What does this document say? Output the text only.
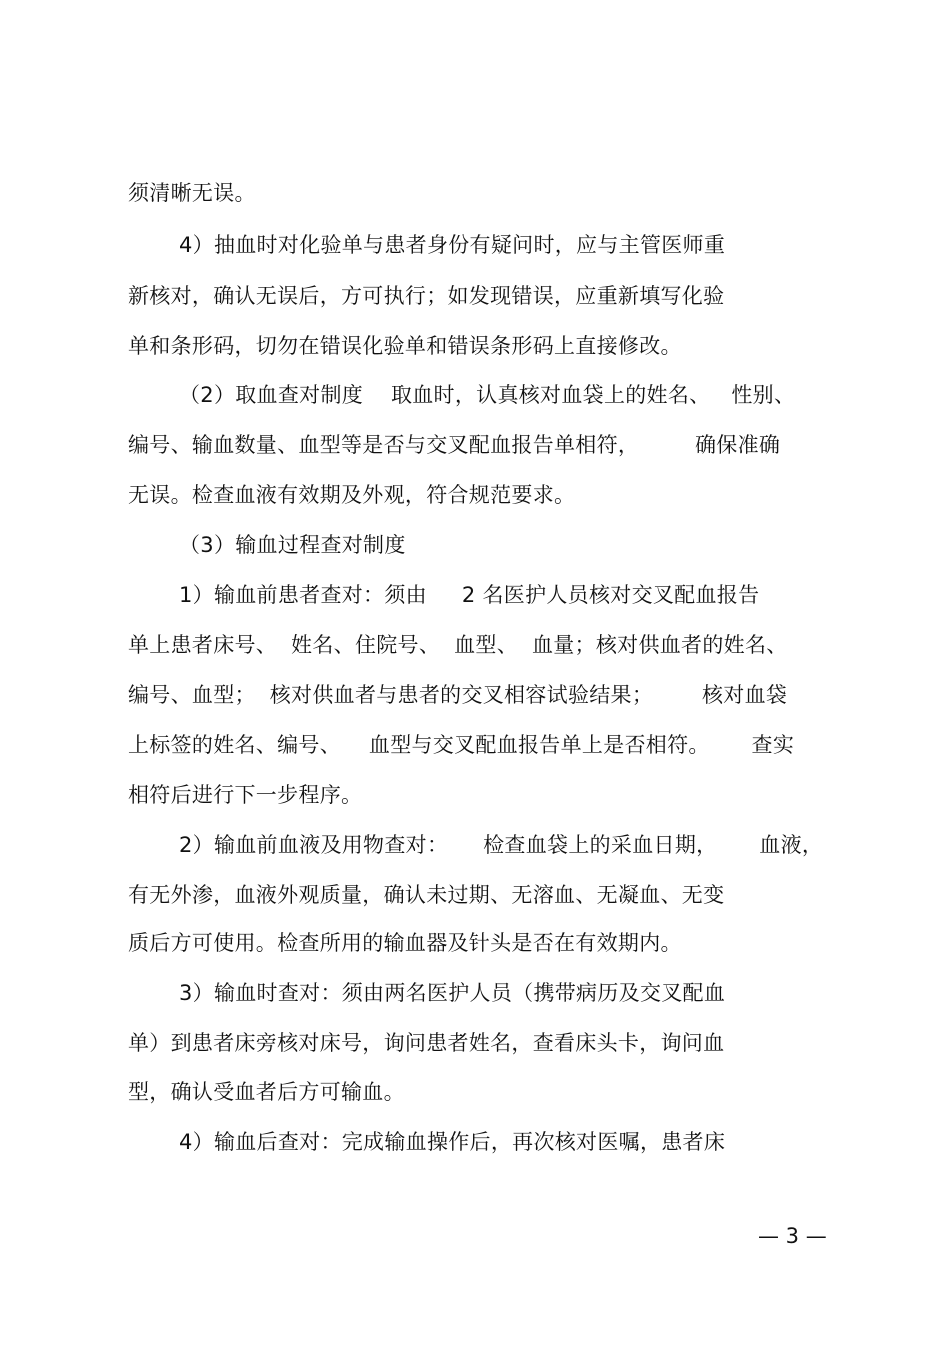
须清晰无误。
4）抽血时对化验单与患者身份有疑问时，应与主管医师重
新核对，确认无误后，方可执行；如发现错误，应重新填写化验
单和条形码，切勿在错误化验单和错误条形码上直接修改。
（2）取血查对制度    取血时，认真核对血袋上的姓名、   性别、
编号、输血数量、血型等是否与交叉配血报告单相符，        确保准确
无误。检查血液有效期及外观，符合规范要求。
（3）输血过程查对制度
1）输血前患者查对：须由     2 名医护人员核对交叉配血报告
单上患者床号、  姓名、住院号、  血型、  血量；核对供血者的姓名、
编号、血型；  核对供血者与患者的交叉相容试验结果；       核对血袋
上标签的姓名、编号、    血型与交叉配血报告单上是否相符。      查实
相符后进行下一步程序。
2）输血前血液及用物查对：     检查血袋上的采血日期，      血液，
有无外渗，血液外观质量，确认未过期、无溶血、无凝血、无变
质后方可使用。检查所用的输血器及针头是否在有效期内。
3）输血时查对：须由两名医护人员（携带病历及交叉配血
单）到患者床旁核对床号，询问患者姓名，查看床头卡，询问血
型，确认受血者后方可输血。
4）输血后查对：完成输血操作后，再次核对医嘱，患者床
— 3 —
